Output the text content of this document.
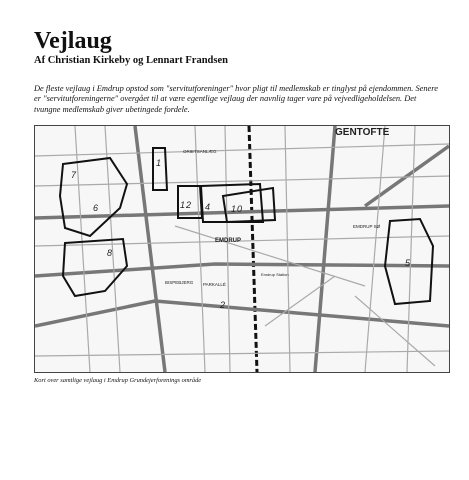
Vejlaug
Af Christian Kirkeby og Lennart Frandsen

De fleste vejlaug i Emdrup opstod som "servitutforeninger" hvor pligt til medlemskab er tinglyst på ejendommen. Senere er "servitutforeningerne" overgået til at være egentlige vejlaug der navnlig tager vare på vejvedligeholdelsen. Det tvungne medlemskab giver ubetingede fordele.

7
6
8
1
1 2 4 1 0
2
5
GENTOFTE
EMDRUP
EMDRUP SØ
BISPEBJERG PARKALLÉ
ORIETSANLÆG
Emdrup Station
Kort over samtlige vejlaug i Emdrup Grundejerforenings område
